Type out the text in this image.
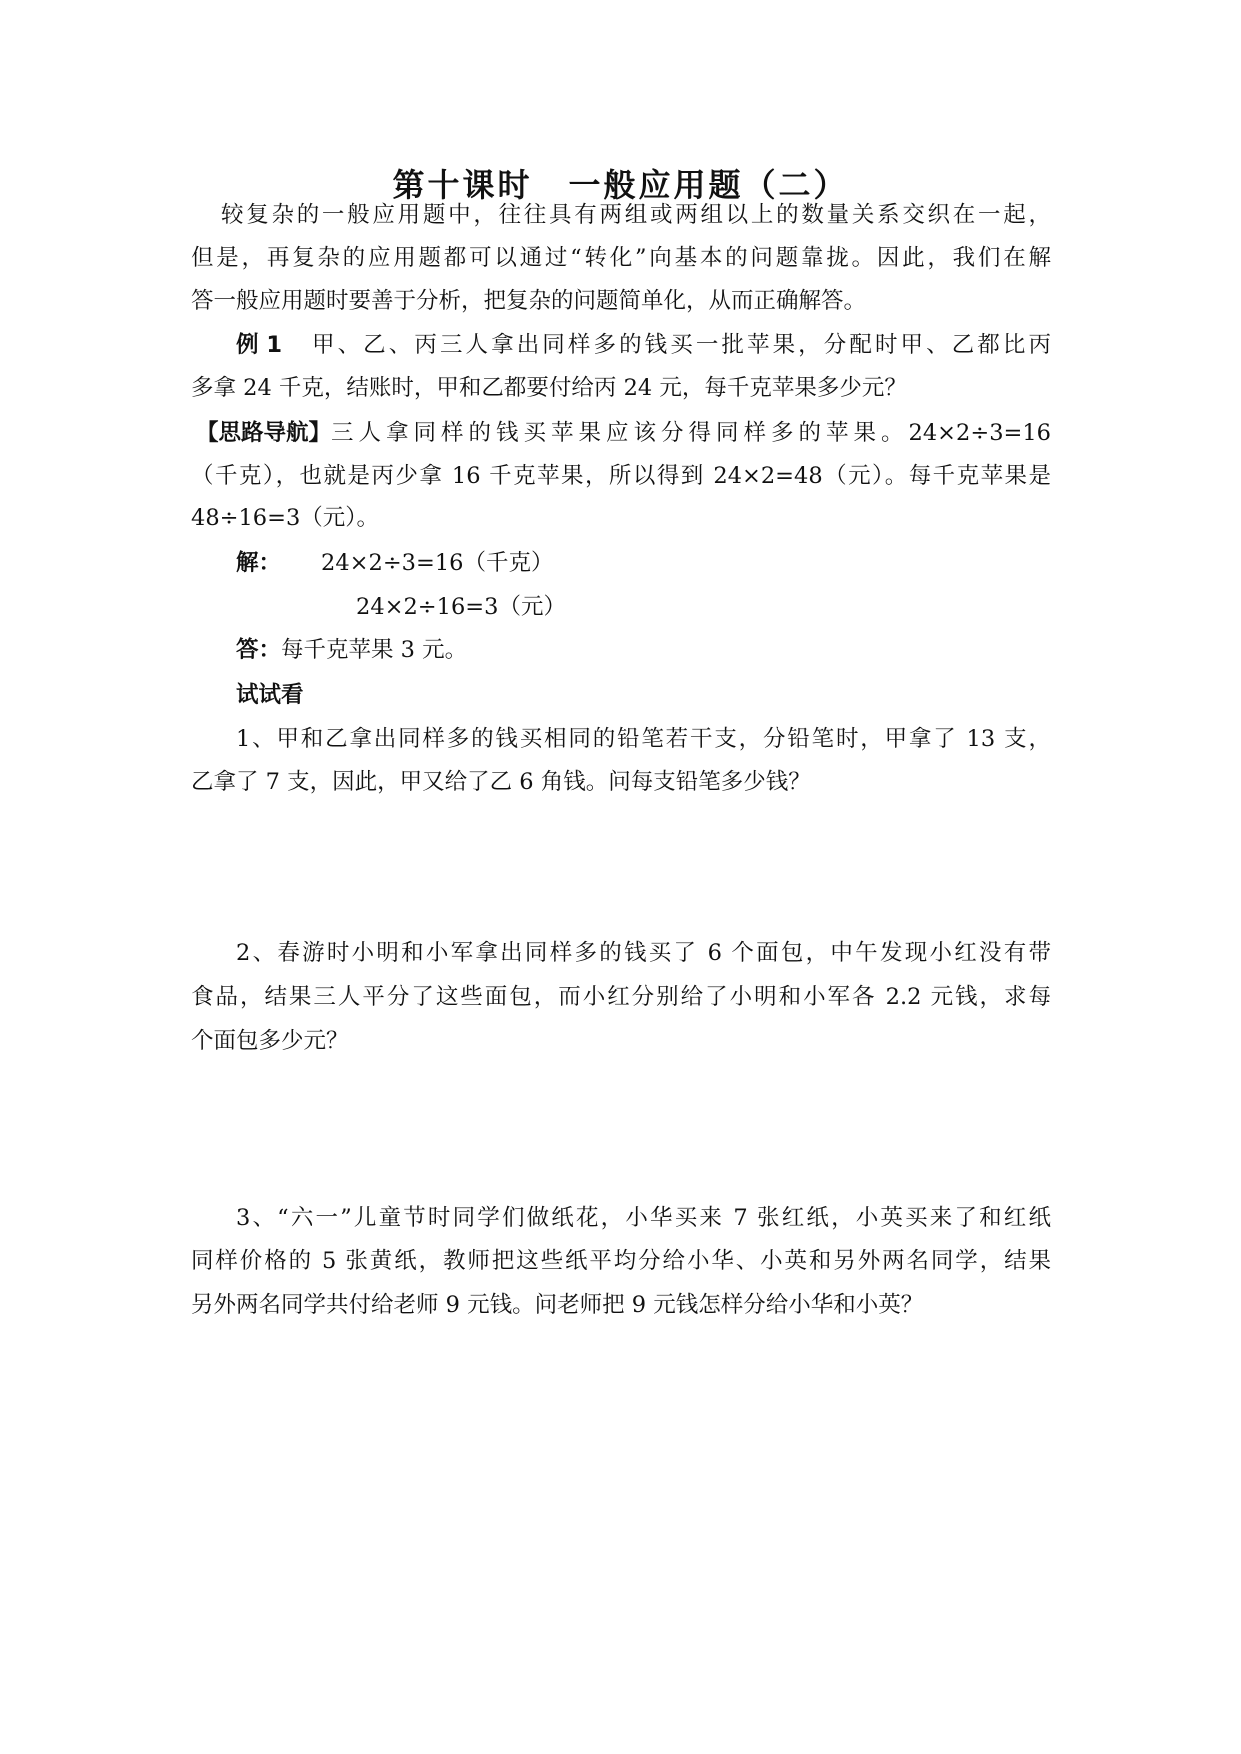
第十课时 一般应用题（二）

较复杂的一般应用题中，往往具有两组或两组以上的数量关系交织在一起，

但是，再复杂的应用题都可以通过“转化”向基本的问题靠拢。因此，我们在解

答一般应用题时要善于分析，把复杂的问题简单化，从而正确解答。

例 1 甲、乙、丙三人拿出同样多的钱买一批苹果，分配时甲、乙都比丙

多拿 24 千克，结账时，甲和乙都要付给丙 24 元，每千克苹果多少元？

【思路导航】 三人拿同样的钱买苹果应该分得同样多的苹果。24×2÷3=16

（千克），也就是丙少拿 16 千克苹果，所以得到 24×2=48（元）。每千克苹果是

48÷16=3（元）。

解： 24×2÷3=16（千克）

24×2÷16=3（元）

答：每千克苹果 3 元。

试试看

1、甲和乙拿出同样多的钱买相同的铅笔若干支，分铅笔时，甲拿了 13 支，

乙拿了 7 支，因此，甲又给了乙 6 角钱。问每支铅笔多少钱？

2、春游时小明和小军拿出同样多的钱买了 6 个面包，中午发现小红没有带

食品，结果三人平分了这些面包，而小红分别给了小明和小军各 2.2 元钱，求每

个面包多少元？

3、“六一”儿童节时同学们做纸花，小华买来 7 张红纸，小英买来了和红纸

同样价格的 5 张黄纸，教师把这些纸平均分给小华、小英和另外两名同学，结果

另外两名同学共付给老师 9 元钱。问老师把 9 元钱怎样分给小华和小英？
